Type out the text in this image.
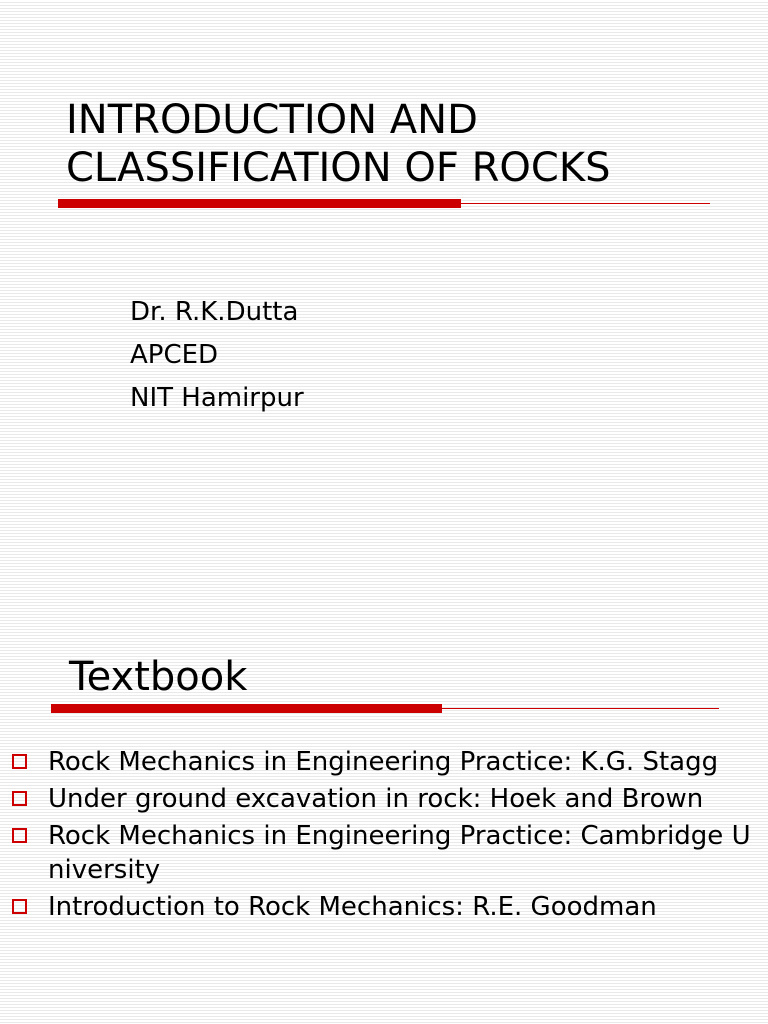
INTRODUCTION AND CLASSIFICATION OF ROCKS
Dr. R.K.Dutta
APCED
NIT Hamirpur
Textbook
Rock Mechanics in Engineering Practice: K.G. Stagg
Under ground excavation in rock: Hoek and Brown
Rock Mechanics in Engineering Practice: Cambridge University
Introduction to Rock Mechanics: R.E. Goodman
